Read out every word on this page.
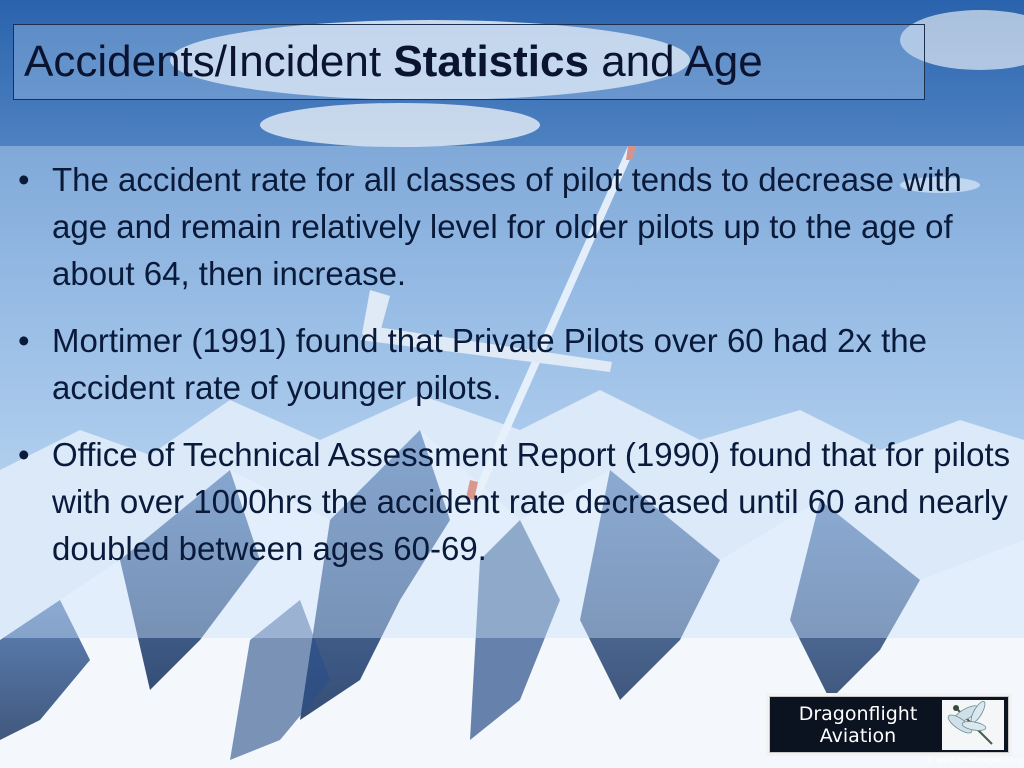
Accidents/Incident Statistics and Age
• The accident rate for all classes of pilot tends to decrease with age and remain relatively level for older pilots up to the age of about 64, then increase.
• Mortimer (1991) found that Private Pilots over 60 had 2x the accident rate of younger pilots.
• Office of Technical Assessment Report (1990) found that for pilots with over 1000hrs the accident rate decreased until 60 and nearly doubled between ages 60-69.
Dragonflight
Aviation
© www.freeimages.com
